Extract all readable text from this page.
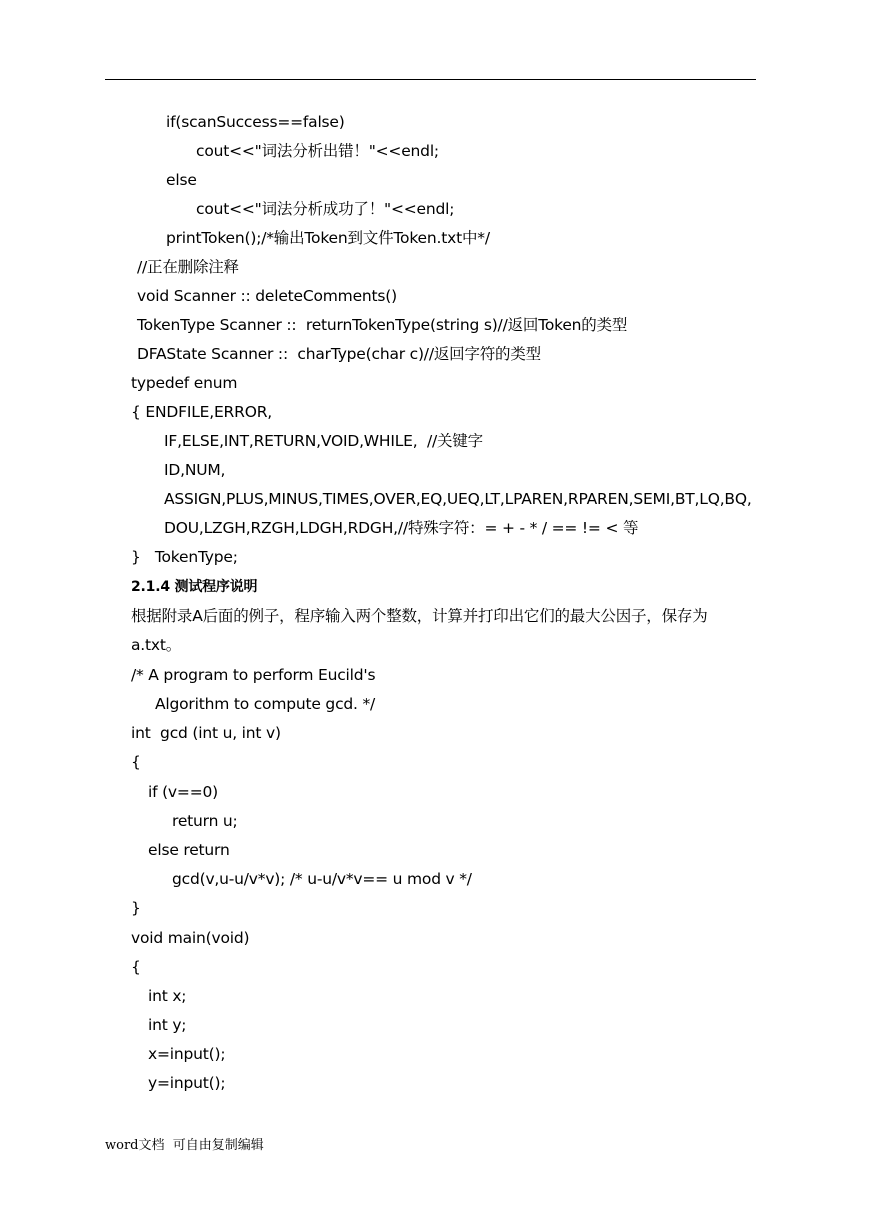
if(scanSuccess==false)
cout<<"词法分析出错！"<<endl;
else
cout<<"词法分析成功了！"<<endl;
printToken();/*输出Token到文件Token.txt中*/
//正在删除注释
void Scanner :: deleteComments()
TokenType Scanner ::  returnTokenType(string s)//返回Token的类型
DFAState Scanner ::  charType(char c)//返回字符的类型
typedef enum
{ ENDFILE,ERROR,
IF,ELSE,INT,RETURN,VOID,WHILE,  //关键字
ID,NUM,
ASSIGN,PLUS,MINUS,TIMES,OVER,EQ,UEQ,LT,LPAREN,RPAREN,SEMI,BT,LQ,BQ,
DOU,LZGH,RZGH,LDGH,RDGH,//特殊字符：= + - * / == != < 等
}   TokenType;
2.1.4 测试程序说明
根据附录A后面的例子，程序输入两个整数，计算并打印出它们的最大公因子，保存为
a.txt。
/* A program to perform Eucild's
Algorithm to compute gcd. */
int  gcd (int u, int v)
{
if (v==0)
return u;
else return
gcd(v,u-u/v*v); /* u-u/v*v== u mod v */
}
void main(void)
{
int x;
int y;
x=input();
y=input();
word文档  可自由复制编辑
